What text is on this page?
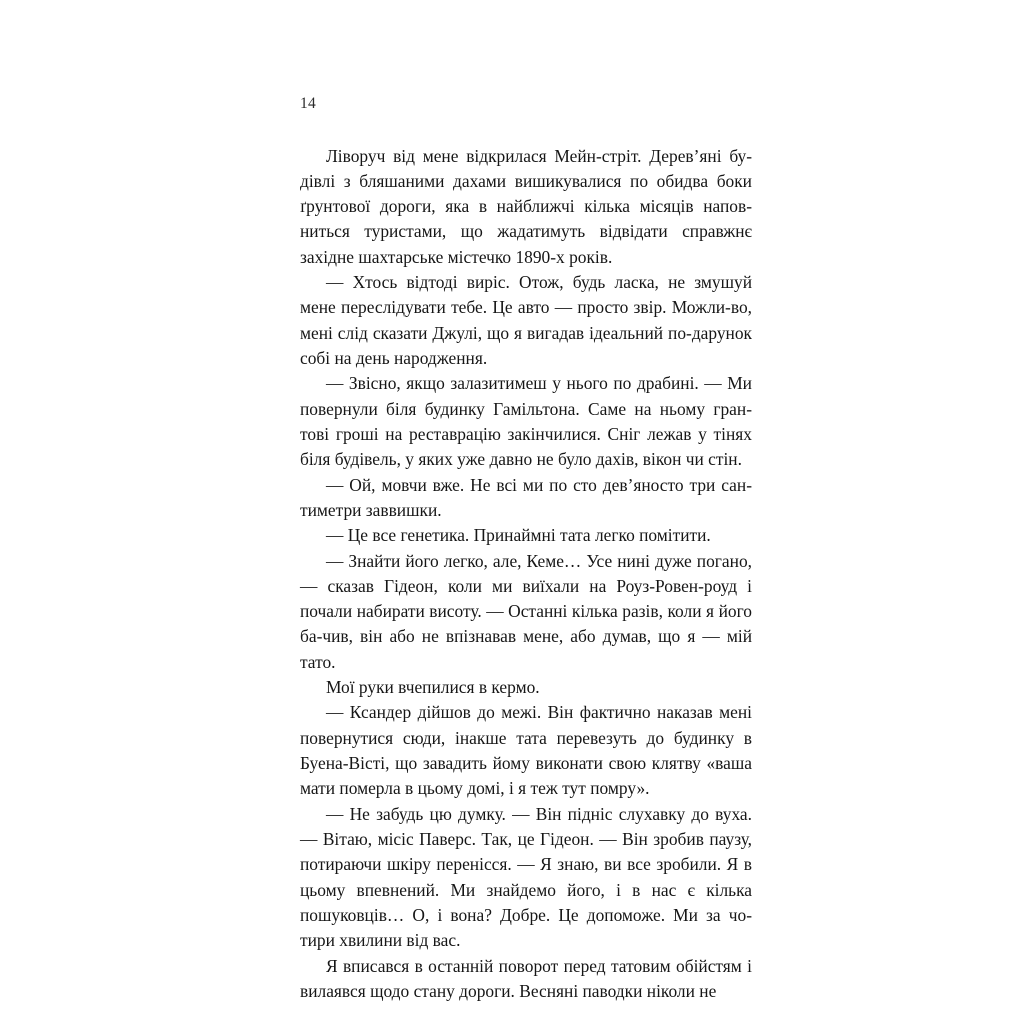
14

Ліворуч від мене відкрилася Мейн-стріт. Дерев’яні бу-дівлі з бляшаними дахами вишикувалися по обидва боки ґрунтової дороги, яка в найближчі кілька місяців напов-ниться туристами, що жадатимуть відвідати справжнє західне шахтарське містечко 1890-х років.

— Хтось відтоді виріс. Отож, будь ласка, не змушуй мене переслідувати тебе. Це авто — просто звір. Можли-во, мені слід сказати Джулі, що я вигадав ідеальний по-дарунок собі на день народження.

— Звісно, якщо залазитимеш у нього по драбині. — Ми повернули біля будинку Гамільтона. Саме на ньому гран-тові гроші на реставрацію закінчилися. Сніг лежав у тінях біля будівель, у яких уже давно не було дахів, вікон чи стін.

— Ой, мовчи вже. Не всі ми по сто дев’яносто три сан-тиметри заввишки.

— Це все генетика. Принаймні тата легко помітити.

— Знайти його легко, але, Кеме… Усе нині дуже погано, — сказав Гідеон, коли ми виїхали на Роуз-Ровен-роуд і почали набирати висоту. — Останні кілька разів, коли я його ба-чив, він або не впізнавав мене, або думав, що я — мій тато.

Мої руки вчепилися в кермо.

— Ксандер дійшов до межі. Він фактично наказав мені повернутися сюди, інакше тата перевезуть до будинку в Буена-Вісті, що завадить йому виконати свою клятву «ваша мати померла в цьому домі, і я теж тут помру».

— Не забудь цю думку. — Він підніс слухавку до вуха. — Вітаю, місіс Паверс. Так, це Гідеон. — Він зробив паузу, потираючи шкіру перенісся. — Я знаю, ви все зробили. Я в цьому впевнений. Ми знайдемо його, і в нас є кілька пошуковців… О, і вона? Добре. Це допоможе. Ми за чо-тири хвилини від вас.

Я вписався в останній поворот перед татовим обійстям і вилаявся щодо стану дороги. Весняні паводки ніколи не
